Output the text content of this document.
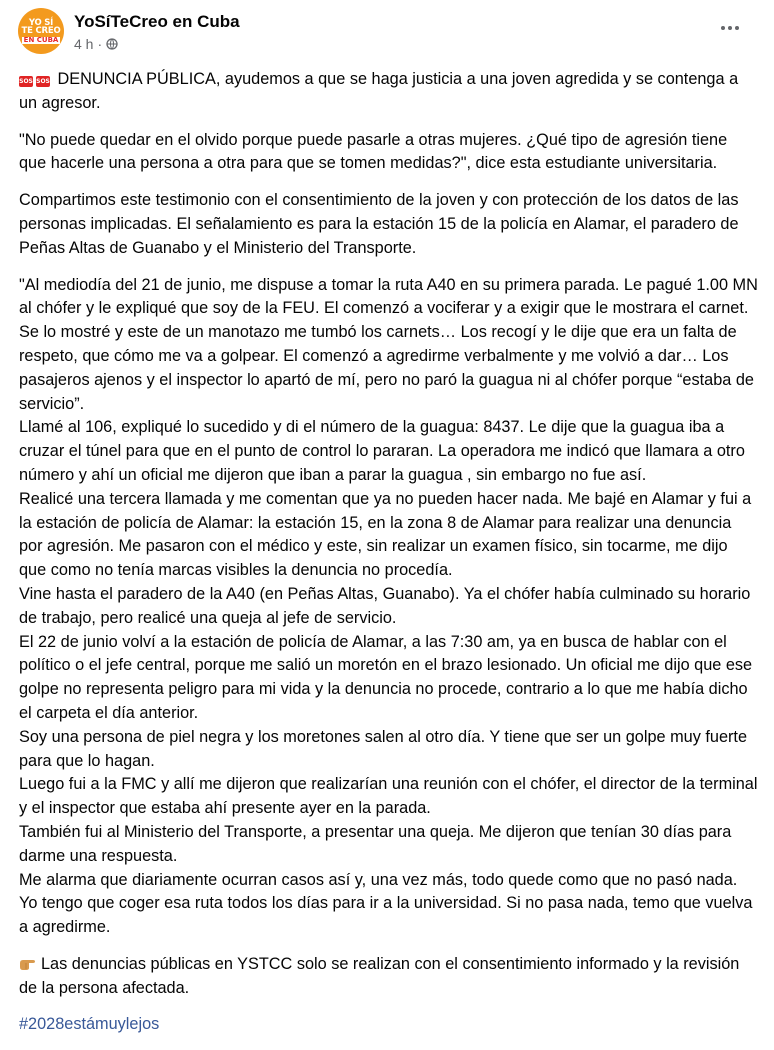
YO SÍ
TE CREO
EN CUBA
YoSíTeCreo en Cuba
4 h ·

SOS SOS DENUNCIA PÚBLICA, ayudemos a que se haga justicia a una joven agredida y se contenga a un agresor.

"No puede quedar en el olvido porque puede pasarle a otras mujeres. ¿Qué tipo de agresión tiene que hacerle una persona a otra para que se tomen medidas?", dice esta estudiante universitaria.

Compartimos este testimonio con el consentimiento de la joven y con protección de los datos de las personas implicadas. El señalamiento es para la estación 15 de la policía en Alamar, el paradero de Peñas Altas de Guanabo y el Ministerio del Transporte.

"Al mediodía del 21 de junio, me dispuse a tomar la ruta A40 en su primera parada. Le pagué 1.00 MN al chófer y le expliqué que soy de la FEU. El comenzó a vociferar y a exigir que le mostrara el carnet. Se lo mostré y este de un manotazo me tumbó los carnets… Los recogí y le dije que era un falta de respeto, que cómo me va a golpear. El comenzó a agredirme verbalmente y me volvió a dar… Los pasajeros ajenos y el inspector lo apartó de mí, pero no paró la guagua ni al chófer porque “estaba de servicio”.
Llamé al 106, expliqué lo sucedido y di el número de la guagua: 8437. Le dije que la guagua iba a cruzar el túnel para que en el punto de control lo pararan. La operadora me indicó que llamara a otro número y ahí un oficial me dijeron que iban a parar la guagua , sin embargo no fue así.
Realicé una tercera llamada y me comentan que ya no pueden hacer nada. Me bajé en Alamar y fui a la estación de policía de Alamar: la estación 15, en la zona 8 de Alamar para realizar una denuncia por agresión. Me pasaron con el médico y este, sin realizar un examen físico, sin tocarme, me dijo que como no tenía marcas visibles la denuncia no procedía.
Vine hasta el paradero de la A40 (en Peñas Altas, Guanabo). Ya el chófer había culminado su horario de trabajo, pero realicé una queja al jefe de servicio.
El 22 de junio volví a la estación de policía de Alamar, a las 7:30 am, ya en busca de hablar con el político o el jefe central, porque me salió un moretón en el brazo lesionado. Un oficial me dijo que ese golpe no representa peligro para mi vida y la denuncia no procede, contrario a lo que me había dicho el carpeta el día anterior.
Soy una persona de piel negra y los moretones salen al otro día. Y tiene que ser un golpe muy fuerte para que lo hagan.
Luego fui a la FMC y allí me dijeron que realizarían una reunión con el chófer, el director de la terminal y el inspector que estaba ahí presente ayer en la parada.
También fui al Ministerio del Transporte, a presentar una queja. Me dijeron que tenían 30 días para darme una respuesta.
Me alarma que diariamente ocurran casos así y, una vez más, todo quede como que no pasó nada. Yo tengo que coger esa ruta todos los días para ir a la universidad. Si no pasa nada, temo que vuelva a agredirme.

Las denuncias públicas en YSTCC solo se realizan con el consentimiento informado y la revisión de la persona afectada.

#2028estámuylejos
